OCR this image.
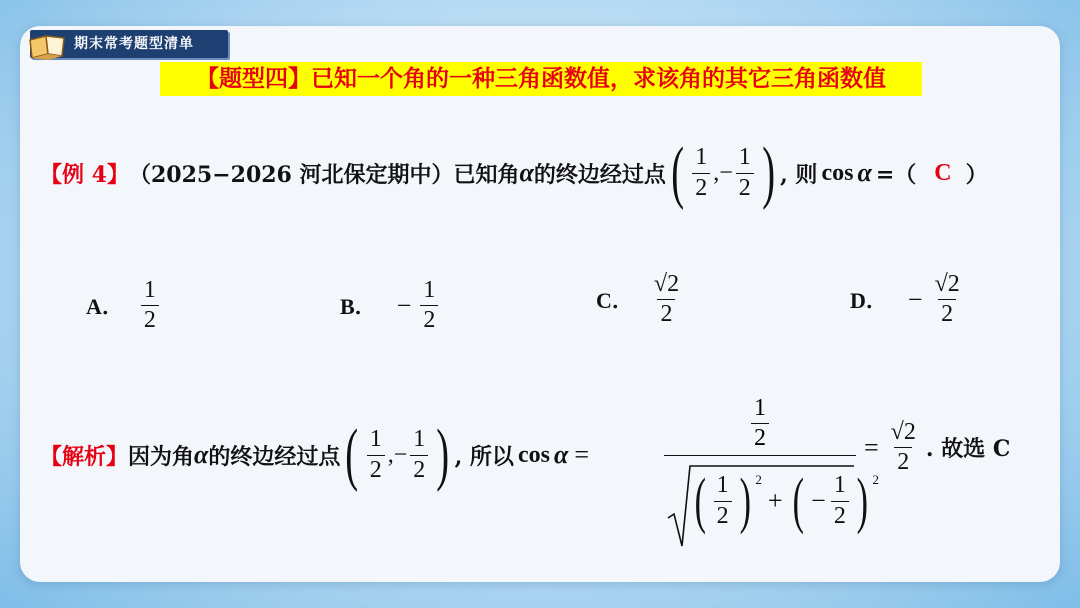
期末常考题型清单
【题型四】已知一个角的一种三角函数值，求该角的其它三角函数值
【例 4】 （2025−2026 河北保定期中）已知角 α 的终边经过点 ( $\frac{1}{2}$ ,− $\frac{1}{2}$ ) , 则 cos α =（ C ）
A． $\frac{1}{2}$	B． − $\frac{1}{2}$	C． $\frac{√2}{2}$	D． − $\frac{√2}{2}$
【解析】 因为角 α 的终边经过点 ( $\frac{1}{2}$ ,− $\frac{1}{2}$ ) , 所以 cos α =
$\frac{1}{2}$
( $\frac{1}{2}$ ) $^2$
+ ( − $\frac{1}{2}$ ) $^2$
= $\frac{√2}{2}$ . 故选 C
